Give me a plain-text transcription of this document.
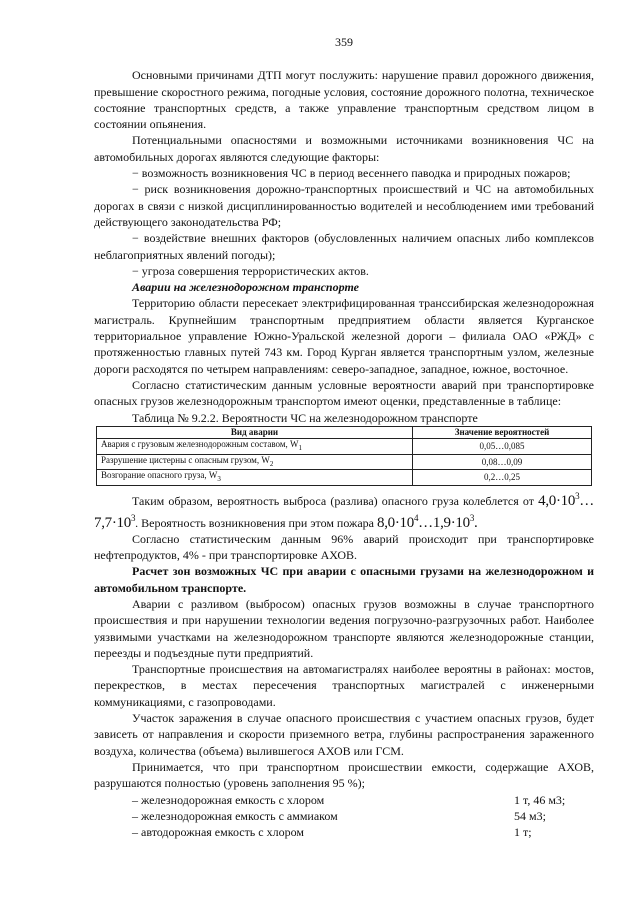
359

Основными причинами ДТП могут послужить: нарушение правил дорожного движения, превышение скоростного режима, погодные условия, состояние дорожного полотна, техническое состояние транспортных средств, а также управление транспортным средством лицом в состоянии опьянения.

Потенциальными опасностями и возможными источниками возникновения ЧС на автомобильных дорогах являются следующие факторы:

− возможность возникновения ЧС в период весеннего паводка и природных пожаров;

− риск возникновения дорожно-транспортных происшествий и ЧС на автомобильных дорогах в связи с низкой дисциплинированностью водителей и несоблюдением ими требований действующего законодательства РФ;

− воздействие внешних факторов (обусловленных наличием опасных либо комплексов неблагоприятных явлений погоды);

− угроза совершения террористических актов.

Аварии на железнодорожном транспорте

Территорию области пересекает электрифицированная транссибирская железнодорожная магистраль. Крупнейшим транспортным предприятием области является Курганское территориальное управление Южно-Уральской железной дороги – филиала ОАО «РЖД» с протяженностью главных путей 743 км. Город Курган является транспортным узлом, железные дороги расходятся по четырем направлениям: северо-западное, западное, южное, восточное.

Согласно статистическим данным условные вероятности аварий при транспортировке опасных грузов железнодорожным транспортом имеют оценки, представленные в таблице:

Таблица № 9.2.2. Вероятности ЧС на железнодорожном транспорте

Вид аварии	Значение вероятностей
Авария с грузовым железнодорожным составом, $W_1$	0,05…0,085
Разрушение цистерны с опасным грузом, $W_2$	0,08…0,09
Возгорание опасного груза, $W_3$	0,2…0,25

Таким образом, вероятность выброса (разлива) опасного груза колеблется от $4,0\cdot 10^3\dots 7,7\cdot 10^3$. Вероятность возникновения при этом пожара $8,0\cdot 10^4\dots 1,9\cdot 10^3$.

Согласно статистическим данным 96% аварий происходит при транспортировке нефтепродуктов, 4% - при транспортировке АХОВ.

Расчет зон возможных ЧС при аварии с опасными грузами на железнодорожном и автомобильном транспорте.

Аварии с разливом (выбросом) опасных грузов возможны в случае транспортного происшествия и при нарушении технологии ведения погрузочно-разгрузочных работ. Наиболее уязвимыми участками на железнодорожном транспорте являются железнодорожные станции, переезды и подъездные пути предприятий.

Транспортные происшествия на автомагистралях наиболее вероятны в районах: мостов, перекрестков, в местах пересечения транспортных магистралей с инженерными коммуникациями, с газопроводами.

Участок заражения в случае опасного происшествия с участием опасных грузов, будет зависеть от направления и скорости приземного ветра, глубины распространения зараженного воздуха, количества (объема) вылившегося АХОВ или ГСМ.

Принимается, что при транспортном происшествии емкости, содержащие АХОВ, разрушаются полностью (уровень заполнения 95 %);

– железнодорожная емкость с хлором	1 т, 46 м3;
– железнодорожная емкость с аммиаком	54 м3;
– автодорожная емкость с хлором	1 т;
